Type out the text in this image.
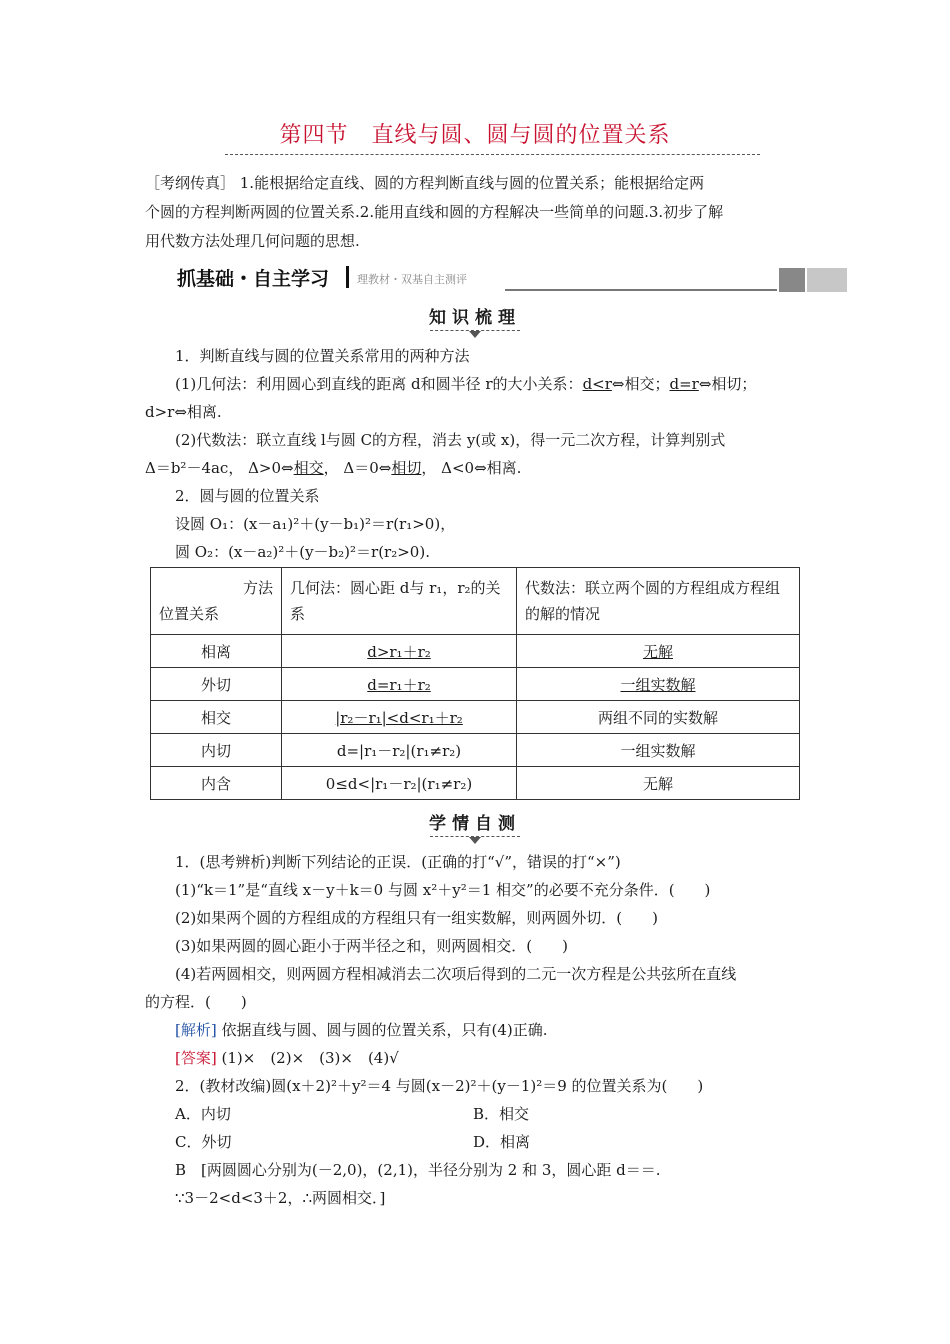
第四节　直线与圆、圆与圆的位置关系
［考纲传真］ 1.能根据给定直线、圆的方程判断直线与圆的位置关系；能根据给定两
个圆的方程判断两圆的位置关系.2.能用直线和圆的方程解决一些简单的问题.3.初步了解
用代数方法处理几何问题的思想.
抓基础・自主学习	理教材・双基自主测评
知识梳理
1．判断直线与圆的位置关系常用的两种方法
(1)几何法：利用圆心到直线的距离 d和圆半径 r的大小关系：d<r⇔相交；d=r⇔相切；
d>r⇔相离.
(2)代数法：联立直线 l与圆 C的方程，消去 y(或 x)，得一元二次方程，计算判别式
Δ＝b²－4ac， Δ>0⇔相交， Δ＝0⇔相切， Δ<0⇔相离.
2．圆与圆的位置关系
设圆 O₁：(x－a₁)²＋(y－b₁)²＝r(r₁>0)，
圆 O₂：(x－a₂)²＋(y－b₂)²＝r(r₂>0).
方法
位置关系	几何法：圆心距 d与 r₁，r₂的关系	代数法：联立两个圆的方程组成方程组的解的情况
相离	d>r₁＋r₂	无解
外切	d=r₁＋r₂	一组实数解
相交	|r₂－r₁|<d<r₁＋r₂	两组不同的实数解
内切	d=|r₁－r₂|(r₁≠r₂)	一组实数解
内含	0≤d<|r₁－r₂|(r₁≠r₂)	无解
学情自测
1．(思考辨析)判断下列结论的正误．(正确的打“√”，错误的打“×”)
(1)“k＝1”是“直线 x－y＋k＝0 与圆 x²＋y²＝1 相交”的必要不充分条件．(　　)
(2)如果两个圆的方程组成的方程组只有一组实数解，则两圆外切．(　　)
(3)如果两圆的圆心距小于两半径之和，则两圆相交．(　　)
(4)若两圆相交，则两圆方程相减消去二次项后得到的二元一次方程是公共弦所在直线
的方程．(　　)
[解析] 依据直线与圆、圆与圆的位置关系，只有(4)正确.
[答案] (1)×　(2)×　(3)×　(4)√
2．(教材改编)圆(x＋2)²＋y²＝4 与圆(x－2)²＋(y－1)²＝9 的位置关系为(　　)
A．内切	B．相交
C．外切	D．相离
B　[两圆圆心分别为(－2,0)，(2,1)，半径分别为 2 和 3，圆心距 d＝＝.
∵3－2<d<3＋2，∴两圆相交．]
